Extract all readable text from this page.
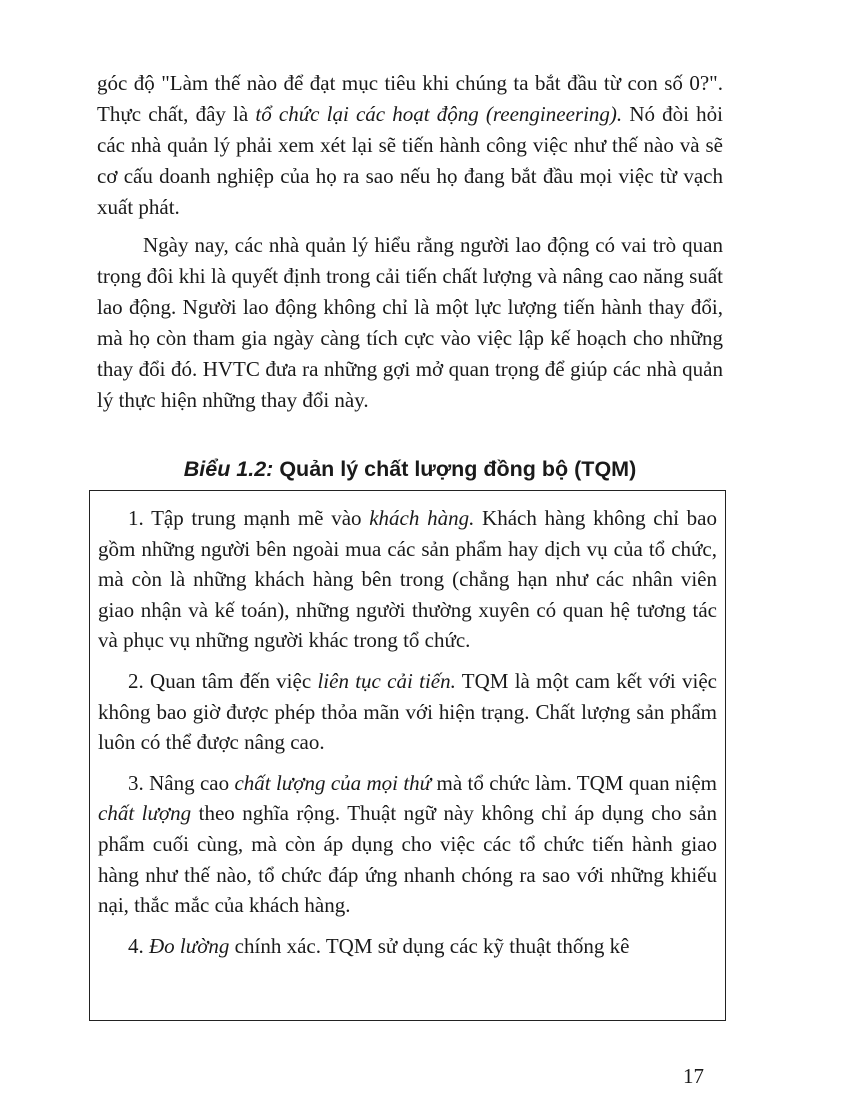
góc độ "Làm thế nào để đạt mục tiêu khi chúng ta bắt đầu từ con số 0?". Thực chất, đây là tổ chức lại các hoạt động (reengineering). Nó đòi hỏi các nhà quản lý phải xem xét lại sẽ tiến hành công việc như thế nào và sẽ cơ cấu doanh nghiệp của họ ra sao nếu họ đang bắt đầu mọi việc từ vạch xuất phát.

Ngày nay, các nhà quản lý hiểu rằng người lao động có vai trò quan trọng đôi khi là quyết định trong cải tiến chất lượng và nâng cao năng suất lao động. Người lao động không chỉ là một lực lượng tiến hành thay đổi, mà họ còn tham gia ngày càng tích cực vào việc lập kế hoạch cho những thay đổi đó. HVTC đưa ra những gợi mở quan trọng để giúp các nhà quản lý thực hiện những thay đổi này.

Biểu 1.2: Quản lý chất lượng đồng bộ (TQM)

1. Tập trung mạnh mẽ vào khách hàng. Khách hàng không chỉ bao gồm những người bên ngoài mua các sản phẩm hay dịch vụ của tổ chức, mà còn là những khách hàng bên trong (chẳng hạn như các nhân viên giao nhận và kế toán), những người thường xuyên có quan hệ tương tác và phục vụ những người khác trong tổ chức.

2. Quan tâm đến việc liên tục cải tiến. TQM là một cam kết với việc không bao giờ được phép thỏa mãn với hiện trạng. Chất lượng sản phẩm luôn có thể được nâng cao.

3. Nâng cao chất lượng của mọi thứ mà tổ chức làm. TQM quan niệm chất lượng theo nghĩa rộng. Thuật ngữ này không chỉ áp dụng cho sản phẩm cuối cùng, mà còn áp dụng cho việc các tổ chức tiến hành giao hàng như thế nào, tổ chức đáp ứng nhanh chóng ra sao với những khiếu nại, thắc mắc của khách hàng.

4. Đo lường chính xác. TQM sử dụng các kỹ thuật thống kê

17
